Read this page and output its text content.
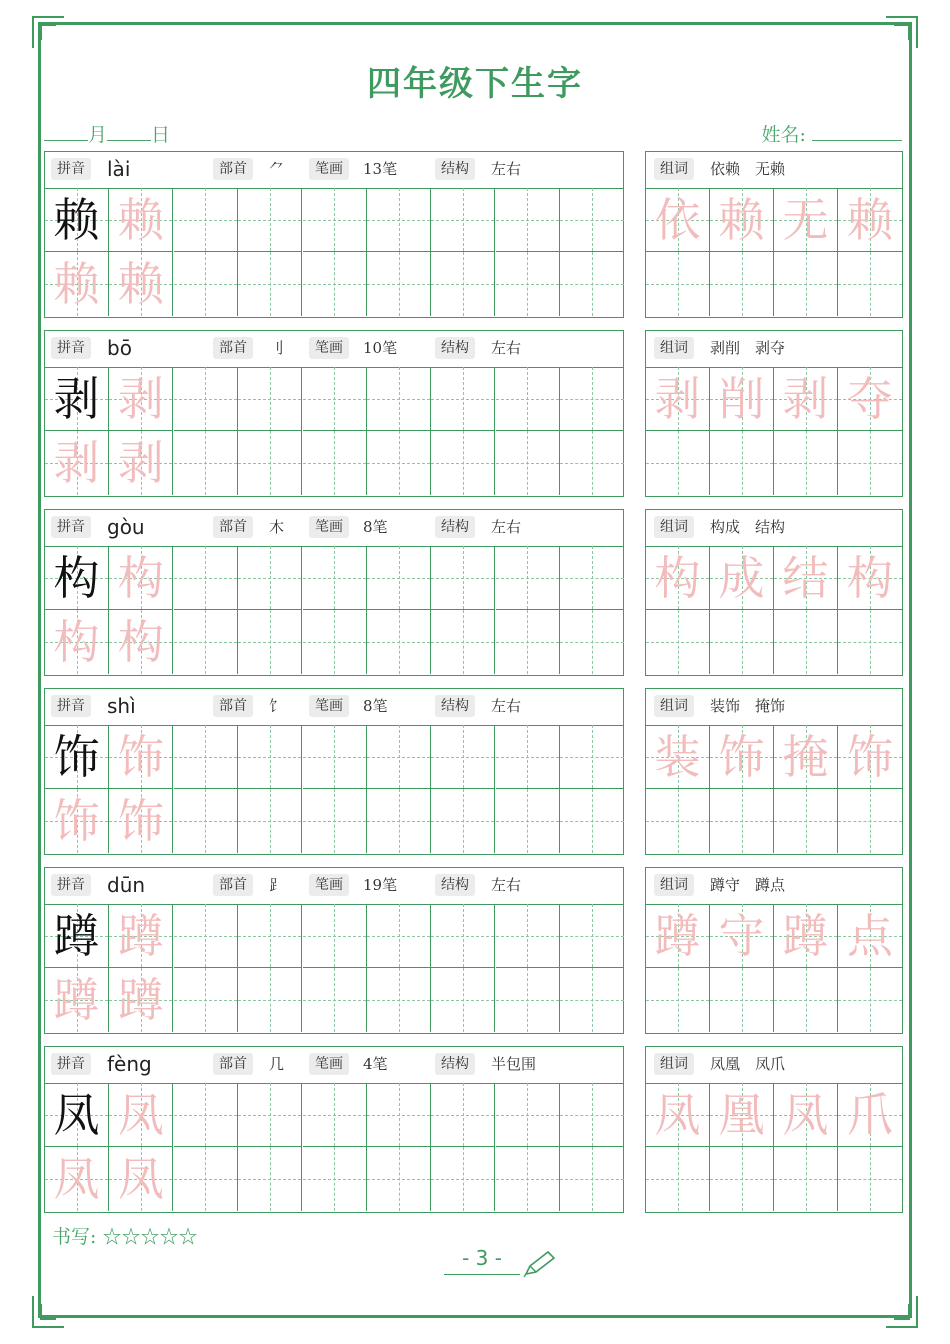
四年级下生字
月 日	姓名:
拼音	lài	部首	⺈	笔画	13笔	结构	左右
赖 赖
赖 赖
组词	依赖　无赖
依 赖 无 赖
拼音	bō	部首	刂	笔画	10笔	结构	左右
剥 剥
剥 剥
组词	剥削　剥夺
剥 削 剥 夺
拼音	gòu	部首	木	笔画	8笔	结构	左右
构 构
构 构
组词	构成　结构
构 成 结 构
拼音	shì	部首	饣	笔画	8笔	结构	左右
饰 饰
饰 饰
组词	装饰　掩饰
装 饰 掩 饰
拼音	dūn	部首	⻊	笔画	19笔	结构	左右
蹲 蹲
蹲 蹲
组词	蹲守　蹲点
蹲 守 蹲 点
拼音	fèng	部首	几	笔画	4笔	结构	半包围
凤 凤
凤 凤
组词	凤凰　凤爪
凤 凰 凤 爪
书写: ☆☆☆☆☆
- 3 -
